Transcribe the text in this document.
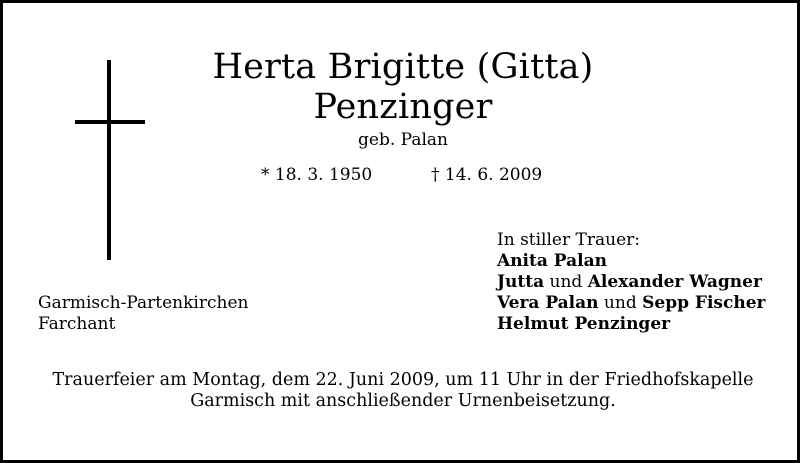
Herta Brigitte (Gitta)
Penzinger
geb. Palan
* 18. 3. 1950	† 14. 6. 2009
In stiller Trauer:
Anita Palan
Jutta und Alexander Wagner
Vera Palan und Sepp Fischer
Helmut Penzinger
Garmisch-Partenkirchen
Farchant
Trauerfeier am Montag, dem 22. Juni 2009, um 11 Uhr in der Friedhofskapelle
Garmisch mit anschließender Urnenbeisetzung.
